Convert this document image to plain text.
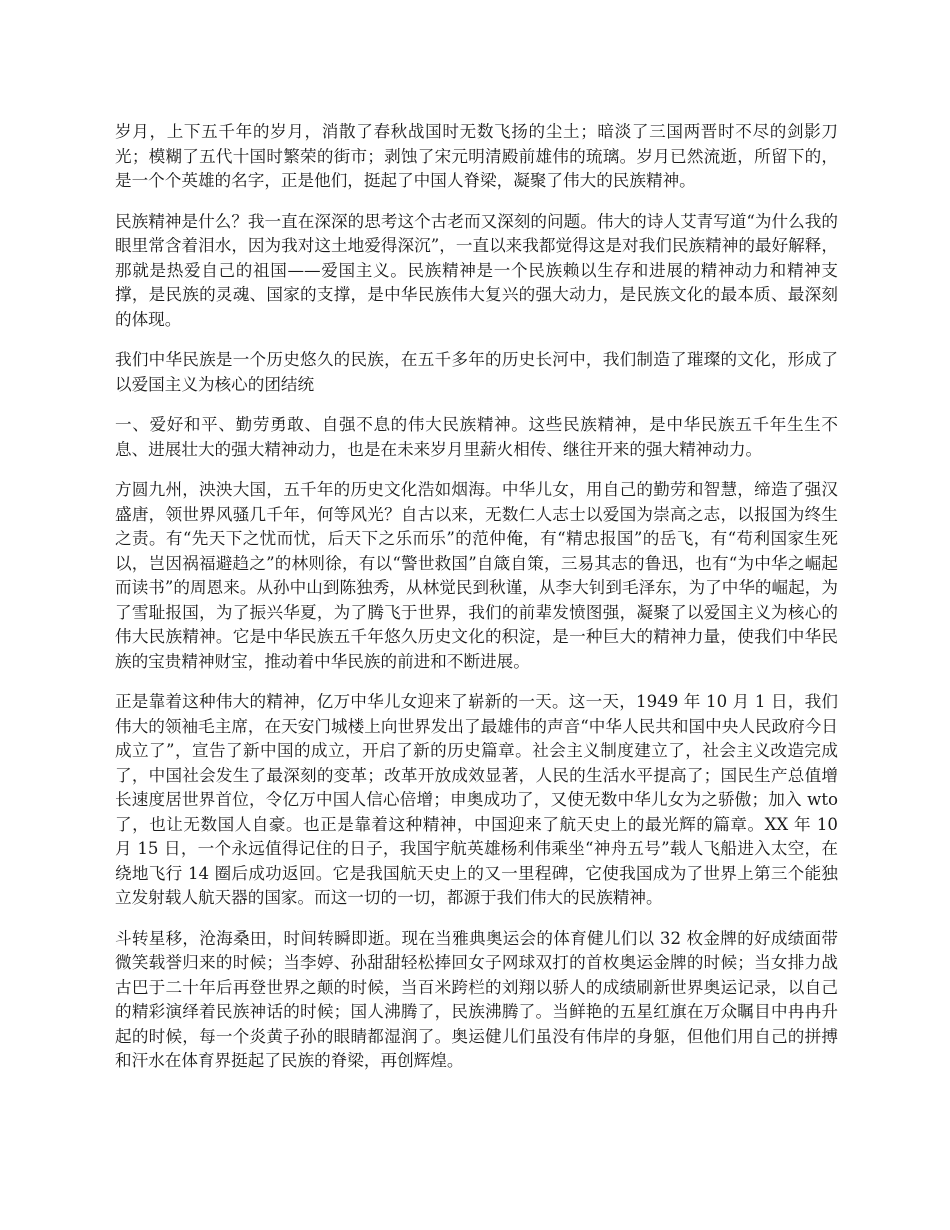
岁月，上下五千年的岁月，消散了春秋战国时无数飞扬的尘土；暗淡了三国两晋时不尽的剑影刀光；模糊了五代十国时繁荣的街市；剥蚀了宋元明清殿前雄伟的琉璃。岁月已然流逝，所留下的，是一个个英雄的名字，正是他们，挺起了中国人脊梁，凝聚了伟大的民族精神。

民族精神是什么？我一直在深深的思考这个古老而又深刻的问题。伟大的诗人艾青写道“为什么我的眼里常含着泪水，因为我对这土地爱得深沉”，一直以来我都觉得这是对我们民族精神的最好解释，那就是热爱自己的祖国——爱国主义。民族精神是一个民族赖以生存和进展的精神动力和精神支撑，是民族的灵魂、国家的支撑，是中华民族伟大复兴的强大动力，是民族文化的最本质、最深刻的体现。

我们中华民族是一个历史悠久的民族，在五千多年的历史长河中，我们制造了璀璨的文化，形成了以爱国主义为核心的团结统

一、爱好和平、勤劳勇敢、自强不息的伟大民族精神。这些民族精神，是中华民族五千年生生不息、进展壮大的强大精神动力，也是在未来岁月里薪火相传、继往开来的强大精神动力。

方圆九州，泱泱大国，五千年的历史文化浩如烟海。中华儿女，用自己的勤劳和智慧，缔造了强汉盛唐，领世界风骚几千年，何等风光？自古以来，无数仁人志士以爱国为崇高之志，以报国为终生之责。有“先天下之忧而忧，后天下之乐而乐”的范仲俺，有“精忠报国”的岳飞，有“苟利国家生死以，岂因祸福避趋之”的林则徐，有以“警世救国”自箴自策，三易其志的鲁迅，也有“为中华之崛起而读书”的周恩来。从孙中山到陈独秀，从林觉民到秋谨，从李大钊到毛泽东，为了中华的崛起，为了雪耻报国，为了振兴华夏，为了腾飞于世界，我们的前辈发愤图强，凝聚了以爱国主义为核心的伟大民族精神。它是中华民族五千年悠久历史文化的积淀，是一种巨大的精神力量，使我们中华民族的宝贵精神财宝，推动着中华民族的前进和不断进展。

正是靠着这种伟大的精神，亿万中华儿女迎来了崭新的一天。这一天，1949 年 10 月 1 日，我们伟大的领袖毛主席，在天安门城楼上向世界发出了最雄伟的声音“中华人民共和国中央人民政府今日成立了”，宣告了新中国的成立，开启了新的历史篇章。社会主义制度建立了，社会主义改造完成了，中国社会发生了最深刻的变革；改革开放成效显著，人民的生活水平提高了；国民生产总值增长速度居世界首位，令亿万中国人信心倍增；申奥成功了，又使无数中华儿女为之骄傲；加入 wto 了，也让无数国人自豪。也正是靠着这种精神，中国迎来了航天史上的最光辉的篇章。XX 年 10 月 15 日，一个永远值得记住的日子，我国宇航英雄杨利伟乘坐“神舟五号”载人飞船进入太空，在绕地飞行 14 圈后成功返回。它是我国航天史上的又一里程碑，它使我国成为了世界上第三个能独立发射载人航天器的国家。而这一切的一切，都源于我们伟大的民族精神。

斗转星移，沧海桑田，时间转瞬即逝。现在当雅典奥运会的体育健儿们以 32 枚金牌的好成绩面带微笑载誉归来的时候；当李婷、孙甜甜轻松捧回女子网球双打的首枚奥运金牌的时候；当女排力战古巴于二十年后再登世界之颠的时候，当百米跨栏的刘翔以骄人的成绩刷新世界奥运记录，以自己的精彩演绎着民族神话的时候；国人沸腾了，民族沸腾了。当鲜艳的五星红旗在万众瞩目中冉冉升起的时候，每一个炎黄子孙的眼睛都湿润了。奥运健儿们虽没有伟岸的身躯，但他们用自己的拼搏和汗水在体育界挺起了民族的脊梁，再创辉煌。
